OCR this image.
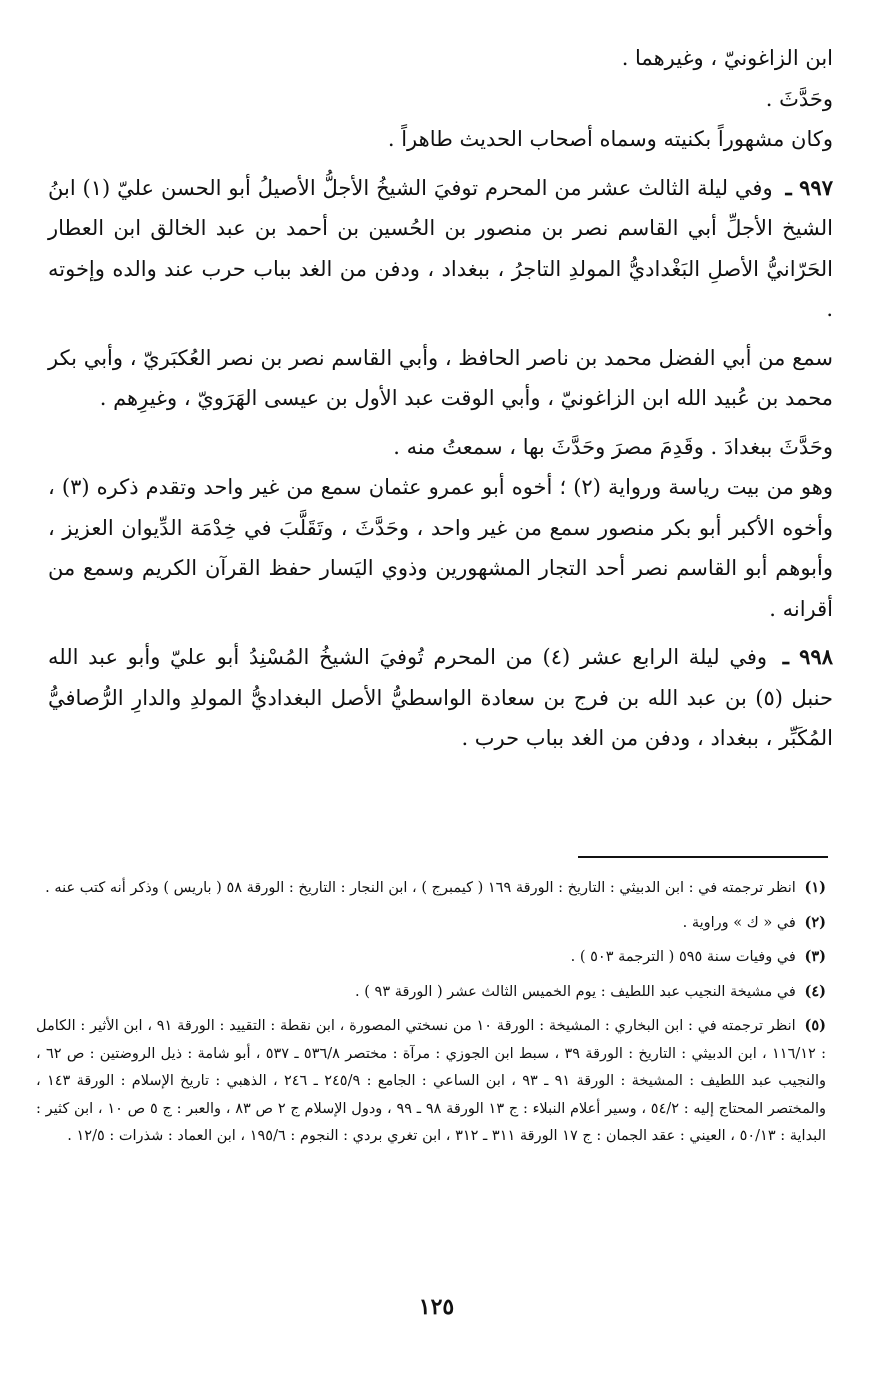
ابن الزاغونيّ ، وغيرهما .

وحَدَّثَ .

وكان مشهوراً بكنيته وسماه أصحاب الحديث طاهراً .

٩٩٧ ـ وفي ليلة الثالث عشر من المحرم توفيَ الشيخُ الأجلُّ الأصيلُ أبو الحسن عليّ (١) ابنُ الشيخ الأجلِّ أبي القاسم نصر بن منصور بن الحُسين بن أحمد بن عبد الخالق ابن العطار الحَرّانيُّ الأصلِ البَغْداديُّ المولدِ التاجرُ ، ببغداد ، ودفن من الغد بباب حرب عند والده وإخوته .

سمع من أبي الفضل محمد بن ناصر الحافظ ، وأبي القاسم نصر بن نصر العُكبَريّ ، وأبي بكر محمد بن عُبيد الله ابن الزاغونيّ ، وأبي الوقت عبد الأول بن عيسى الهَرَويّ ، وغيرِهم .

وحَدَّثَ ببغدادَ . وقَدِمَ مصرَ وحَدَّثَ بها ، سمعتُ منه .

وهو من بيت رياسة ورواية (٢) ؛ أخوه أبو عمرو عثمان سمع من غير واحد وتقدم ذكره (٣) ، وأخوه الأكبر أبو بكر منصور سمع من غير واحد ، وحَدَّثَ ، وتَقَلَّبَ في خِدْمَة الدِّيوان العزيز ، وأبوهم أبو القاسم نصر أحد التجار المشهورين وذوي اليَسار حفظ القرآن الكريم وسمع من أقرانه .

٩٩٨ ـ وفي ليلة الرابع عشر (٤) من المحرم تُوفيَ الشيخُ المُسْنِدُ أبو عليّ وأبو عبد الله حنبل (٥) بن عبد الله بن فرج بن سعادة الواسطيُّ الأصل البغداديُّ المولدِ والدارِ الرُّصافيُّ المُكَبِّر ، ببغداد ، ودفن من الغد بباب حرب .

(١) انظر ترجمته في : ابن الدبيثي : التاريخ : الورقة ١٦٩ ( كيمبرج ) ، ابن النجار : التاريخ : الورقة ٥٨ ( باريس ) وذكر أنه كتب عنه .

(٢) في « ك » وراوية .

(٣) في وفيات سنة ٥٩٥ ( الترجمة ٥٠٣ ) .

(٤) في مشيخة النجيب عبد اللطيف : يوم الخميس الثالث عشر ( الورقة ٩٣ ) .

(٥) انظر ترجمته في : ابن البخاري : المشيخة : الورقة ١٠ من نسختي المصورة ، ابن نقطة : التقييد : الورقة ٩١ ، ابن الأثير : الكامل : ١١٦/١٢ ، ابن الدبيثي : التاريخ : الورقة ٣٩ ، سبط ابن الجوزي : مرآة : مختصر ٥٣٦/٨ ـ ٥٣٧ ، أبو شامة : ذيل الروضتين : ص ٦٢ ، والنجيب عبد اللطيف : المشيخة : الورقة ٩١ ـ ٩٣ ، ابن الساعي : الجامع : ٢٤٥/٩ ـ ٢٤٦ ، الذهبي : تاريخ الإسلام : الورقة ١٤٣ ، والمختصر المحتاج إليه : ٥٤/٢ ، وسير أعلام النبلاء : ج ١٣ الورقة ٩٨ ـ ٩٩ ، ودول الإسلام ج ٢ ص ٨٣ ، والعبر : ج ٥ ص ١٠ ، ابن كثير : البداية : ٥٠/١٣ ، العيني : عقد الجمان : ج ١٧ الورقة ٣١١ ـ ٣١٢ ، ابن تغري بردي : النجوم : ١٩٥/٦ ، ابن العماد : شذرات : ١٢/٥ .

١٢٥
